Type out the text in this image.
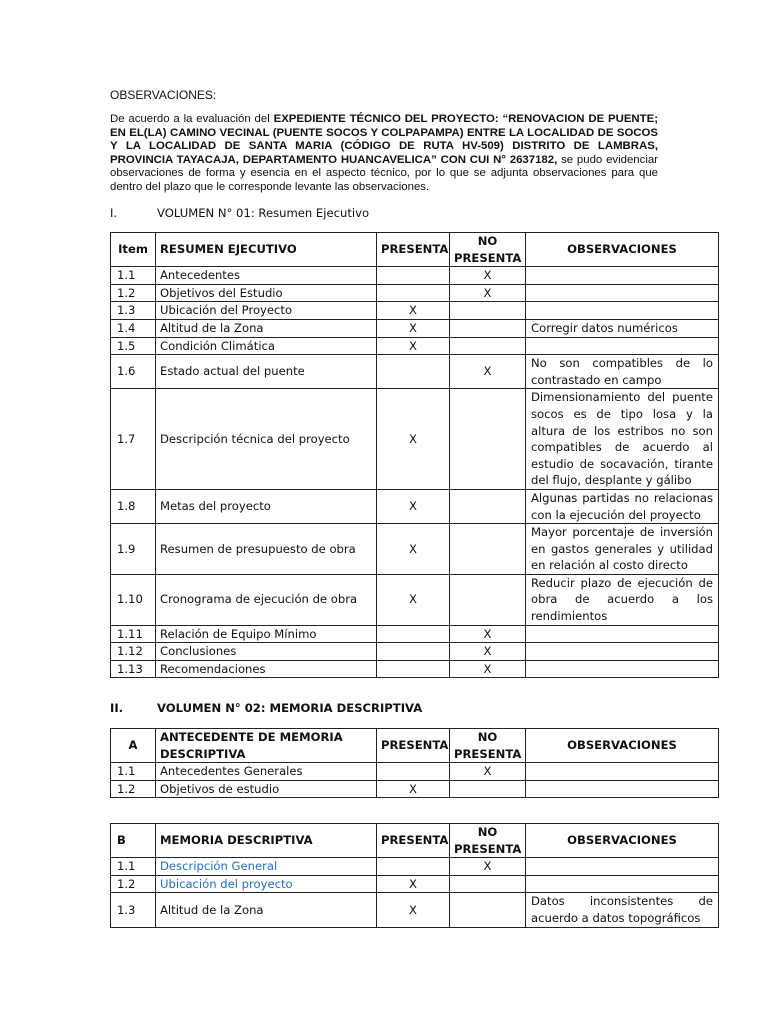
OBSERVACIONES:
De acuerdo a la evaluación del EXPEDIENTE TÉCNICO DEL PROYECTO: “RENOVACION DE PUENTE; EN EL(LA) CAMINO VECINAL (PUENTE SOCOS Y COLPAPAMPA) ENTRE LA LOCALIDAD DE SOCOS Y LA LOCALIDAD DE SANTA MARIA (CÓDIGO DE RUTA HV-509) DISTRITO DE LAMBRAS, PROVINCIA TAYACAJA, DEPARTAMENTO HUANCAVELICA” CON CUI N° 2637182, se pudo evidenciar observaciones de forma y esencia en el aspecto técnico, por lo que se adjunta observaciones para que dentro del plazo que le corresponde levante las observaciones.
I.	VOLUMEN N° 01: Resumen Ejecutivo
Item	RESUMEN EJECUTIVO	PRESENTA	NO PRESENTA	OBSERVACIONES
1.1	Antecedentes		X	
1.2	Objetivos del Estudio		X	
1.3	Ubicación del Proyecto	X		
1.4	Altitud de la Zona	X		Corregir datos numéricos
1.5	Condición Climática	X		
1.6	Estado actual del puente		X	No son compatibles de lo contrastado en campo
1.7	Descripción técnica del proyecto	X		Dimensionamiento del puente socos es de tipo losa y la altura de los estribos no son compatibles de acuerdo al estudio de socavación, tirante del flujo, desplante y gálibo
1.8	Metas del proyecto	X		Algunas partidas no relacionas con la ejecución del proyecto
1.9	Resumen de presupuesto de obra	X		Mayor porcentaje de inversión en gastos generales y utilidad en relación al costo directo
1.10	Cronograma de ejecución de obra	X		Reducir plazo de ejecución de obra de acuerdo a los rendimientos
1.11	Relación de Equipo Mínimo		X	
1.12	Conclusiones		X	
1.13	Recomendaciones		X	
II.	VOLUMEN N° 02: MEMORIA DESCRIPTIVA
A	ANTECEDENTE DE MEMORIA DESCRIPTIVA	PRESENTA	NO PRESENTA	OBSERVACIONES
1.1	Antecedentes Generales		X	
1.2	Objetivos de estudio	X		
B	MEMORIA DESCRIPTIVA	PRESENTA	NO PRESENTA	OBSERVACIONES
1.1	Descripción General		X	
1.2	Ubicación del proyecto	X		
1.3	Altitud de la Zona	X		Datos inconsistentes de acuerdo a datos topográficos
